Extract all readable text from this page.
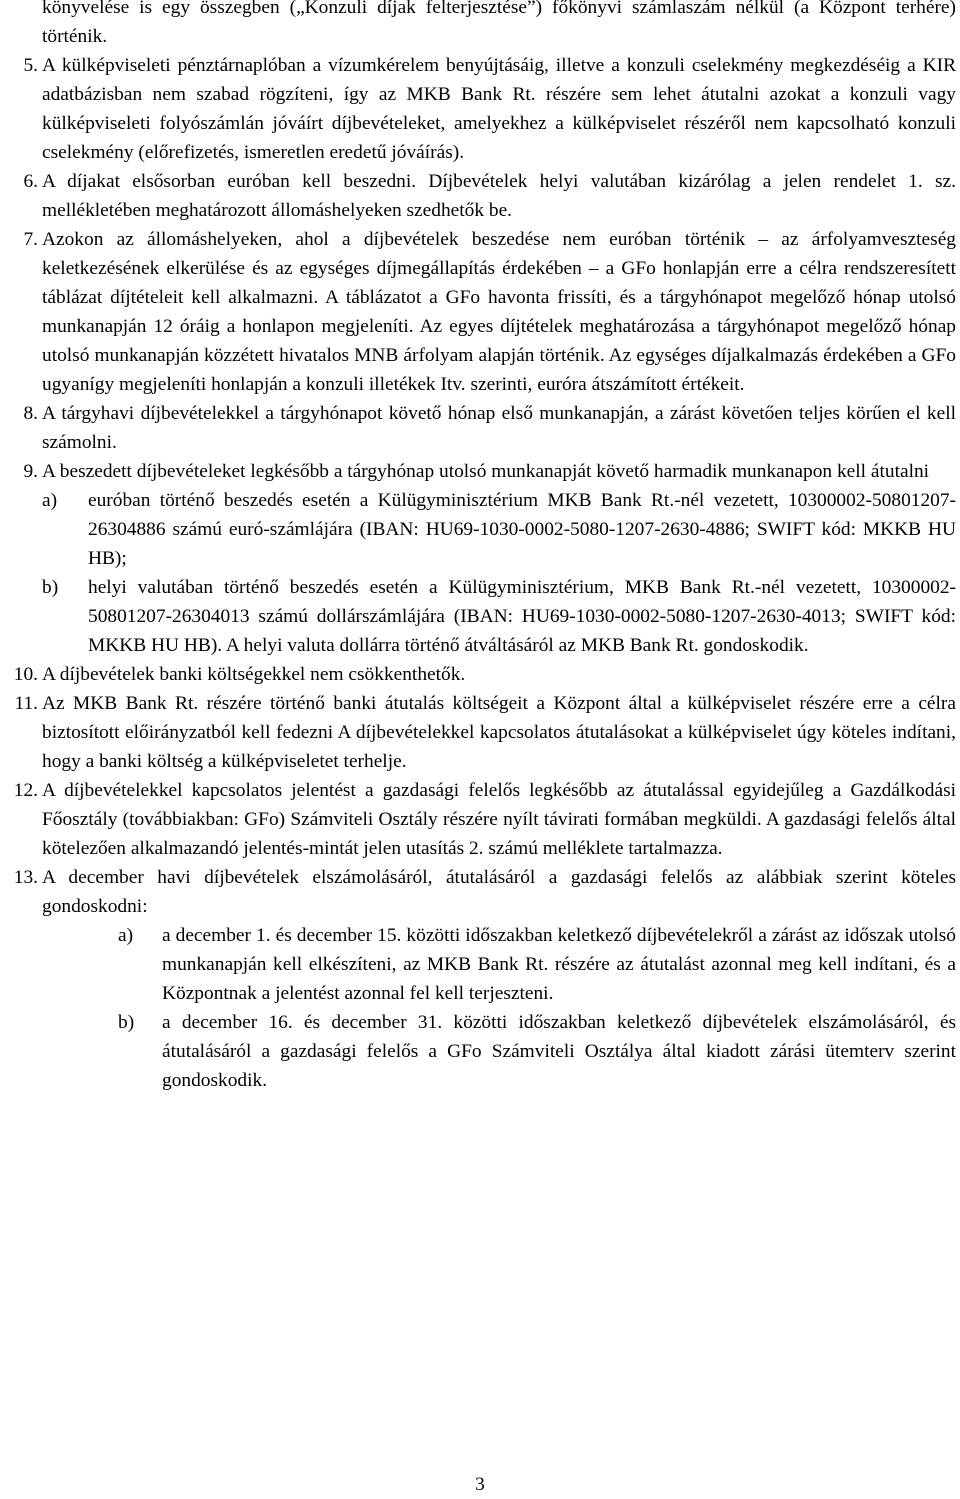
könyvelése is egy összegben („Konzuli díjak felterjesztése”) főkönyvi számlaszám nélkül (a Központ terhére) történik.

5. A külképviseleti pénztárnaplóban a vízumkérelem benyújtásáig, illetve a konzuli cselekmény megkezdéséig a KIR adatbázisban nem szabad rögzíteni, így az MKB Bank Rt. részére sem lehet átutalni azokat a konzuli vagy külképviseleti folyószámlán jóváírt díjbevételeket, amelyekhez a külképviselet részéről nem kapcsolható konzuli cselekmény (előrefizetés, ismeretlen eredetű jóváírás).
6. A díjakat elsősorban euróban kell beszedni. Díjbevételek helyi valutában kizárólag a jelen rendelet 1. sz. mellékletében meghatározott állomáshelyeken szedhetők be.
7. Azokon az állomáshelyeken, ahol a díjbevételek beszedése nem euróban történik – az árfolyamveszteség keletkezésének elkerülése és az egységes díjmegállapítás érdekében – a GFo honlapján erre a célra rendszeresített táblázat díjtételeit kell alkalmazni. A táblázatot a GFo havonta frissíti, és a tárgyhónapot megelőző hónap utolsó munkanapján 12 óráig a honlapon megjeleníti. Az egyes díjtételek meghatározása a tárgyhónapot megelőző hónap utolsó munkanapján közzétett hivatalos MNB árfolyam alapján történik. Az egységes díjalkalmazás érdekében a GFo ugyanígy megjeleníti honlapján a konzuli illetékek Itv. szerinti, euróra átszámított értékeit.
8. A tárgyhavi díjbevételekkel a tárgyhónapot követő hónap első munkanapján, a zárást követően teljes körűen el kell számolni.
9. A beszedett díjbevételeket legkésőbb a tárgyhónap utolsó munkanapját követő harmadik munkanapon kell átutalni
a)	euróban történő beszedés esetén a Külügyminisztérium MKB Bank Rt.-nél vezetett, 10300002-50801207-26304886 számú euró-számlájára (IBAN: HU69-1030-0002-5080-1207-2630-4886; SWIFT kód: MKKB HU HB);
b)	helyi valutában történő beszedés esetén a Külügyminisztérium, MKB Bank Rt.-nél vezetett, 10300002-50801207-26304013 számú dollárszámlájára (IBAN: HU69-1030-0002-5080-1207-2630-4013; SWIFT kód: MKKB HU HB). A helyi valuta dollárra történő átváltásáról az MKB Bank Rt. gondoskodik.
10. A díjbevételek banki költségekkel nem csökkenthetők.
11. Az MKB Bank Rt. részére történő banki átutalás költségeit a Központ által a külképviselet részére erre a célra biztosított előirányzatból kell fedezni A díjbevételekkel kapcsolatos átutalásokat a külképviselet úgy köteles indítani, hogy a banki költség a külképviseletet terhelje.
12. A díjbevételekkel kapcsolatos jelentést a gazdasági felelős legkésőbb az átutalással egyidejűleg a Gazdálkodási Főosztály (továbbiakban: GFo) Számviteli Osztály részére nyílt távirati formában megküldi. A gazdasági felelős által kötelezően alkalmazandó jelentés-mintát jelen utasítás 2. számú melléklete tartalmazza.
13. A december havi díjbevételek elszámolásáról, átutalásáról a gazdasági felelős az alábbiak szerint köteles gondoskodni:
a)	a december 1. és december 15. közötti időszakban keletkező díjbevételekről a zárást az időszak utolsó munkanapján kell elkészíteni, az MKB Bank Rt. részére az átutalást azonnal meg kell indítani, és a Központnak a jelentést azonnal fel kell terjeszteni.
b)	a december 16. és december 31. közötti időszakban keletkező díjbevételek elszámolásáról, és átutalásáról a gazdasági felelős a GFo Számviteli Osztálya által kiadott zárási ütemterv szerint gondoskodik.
3
